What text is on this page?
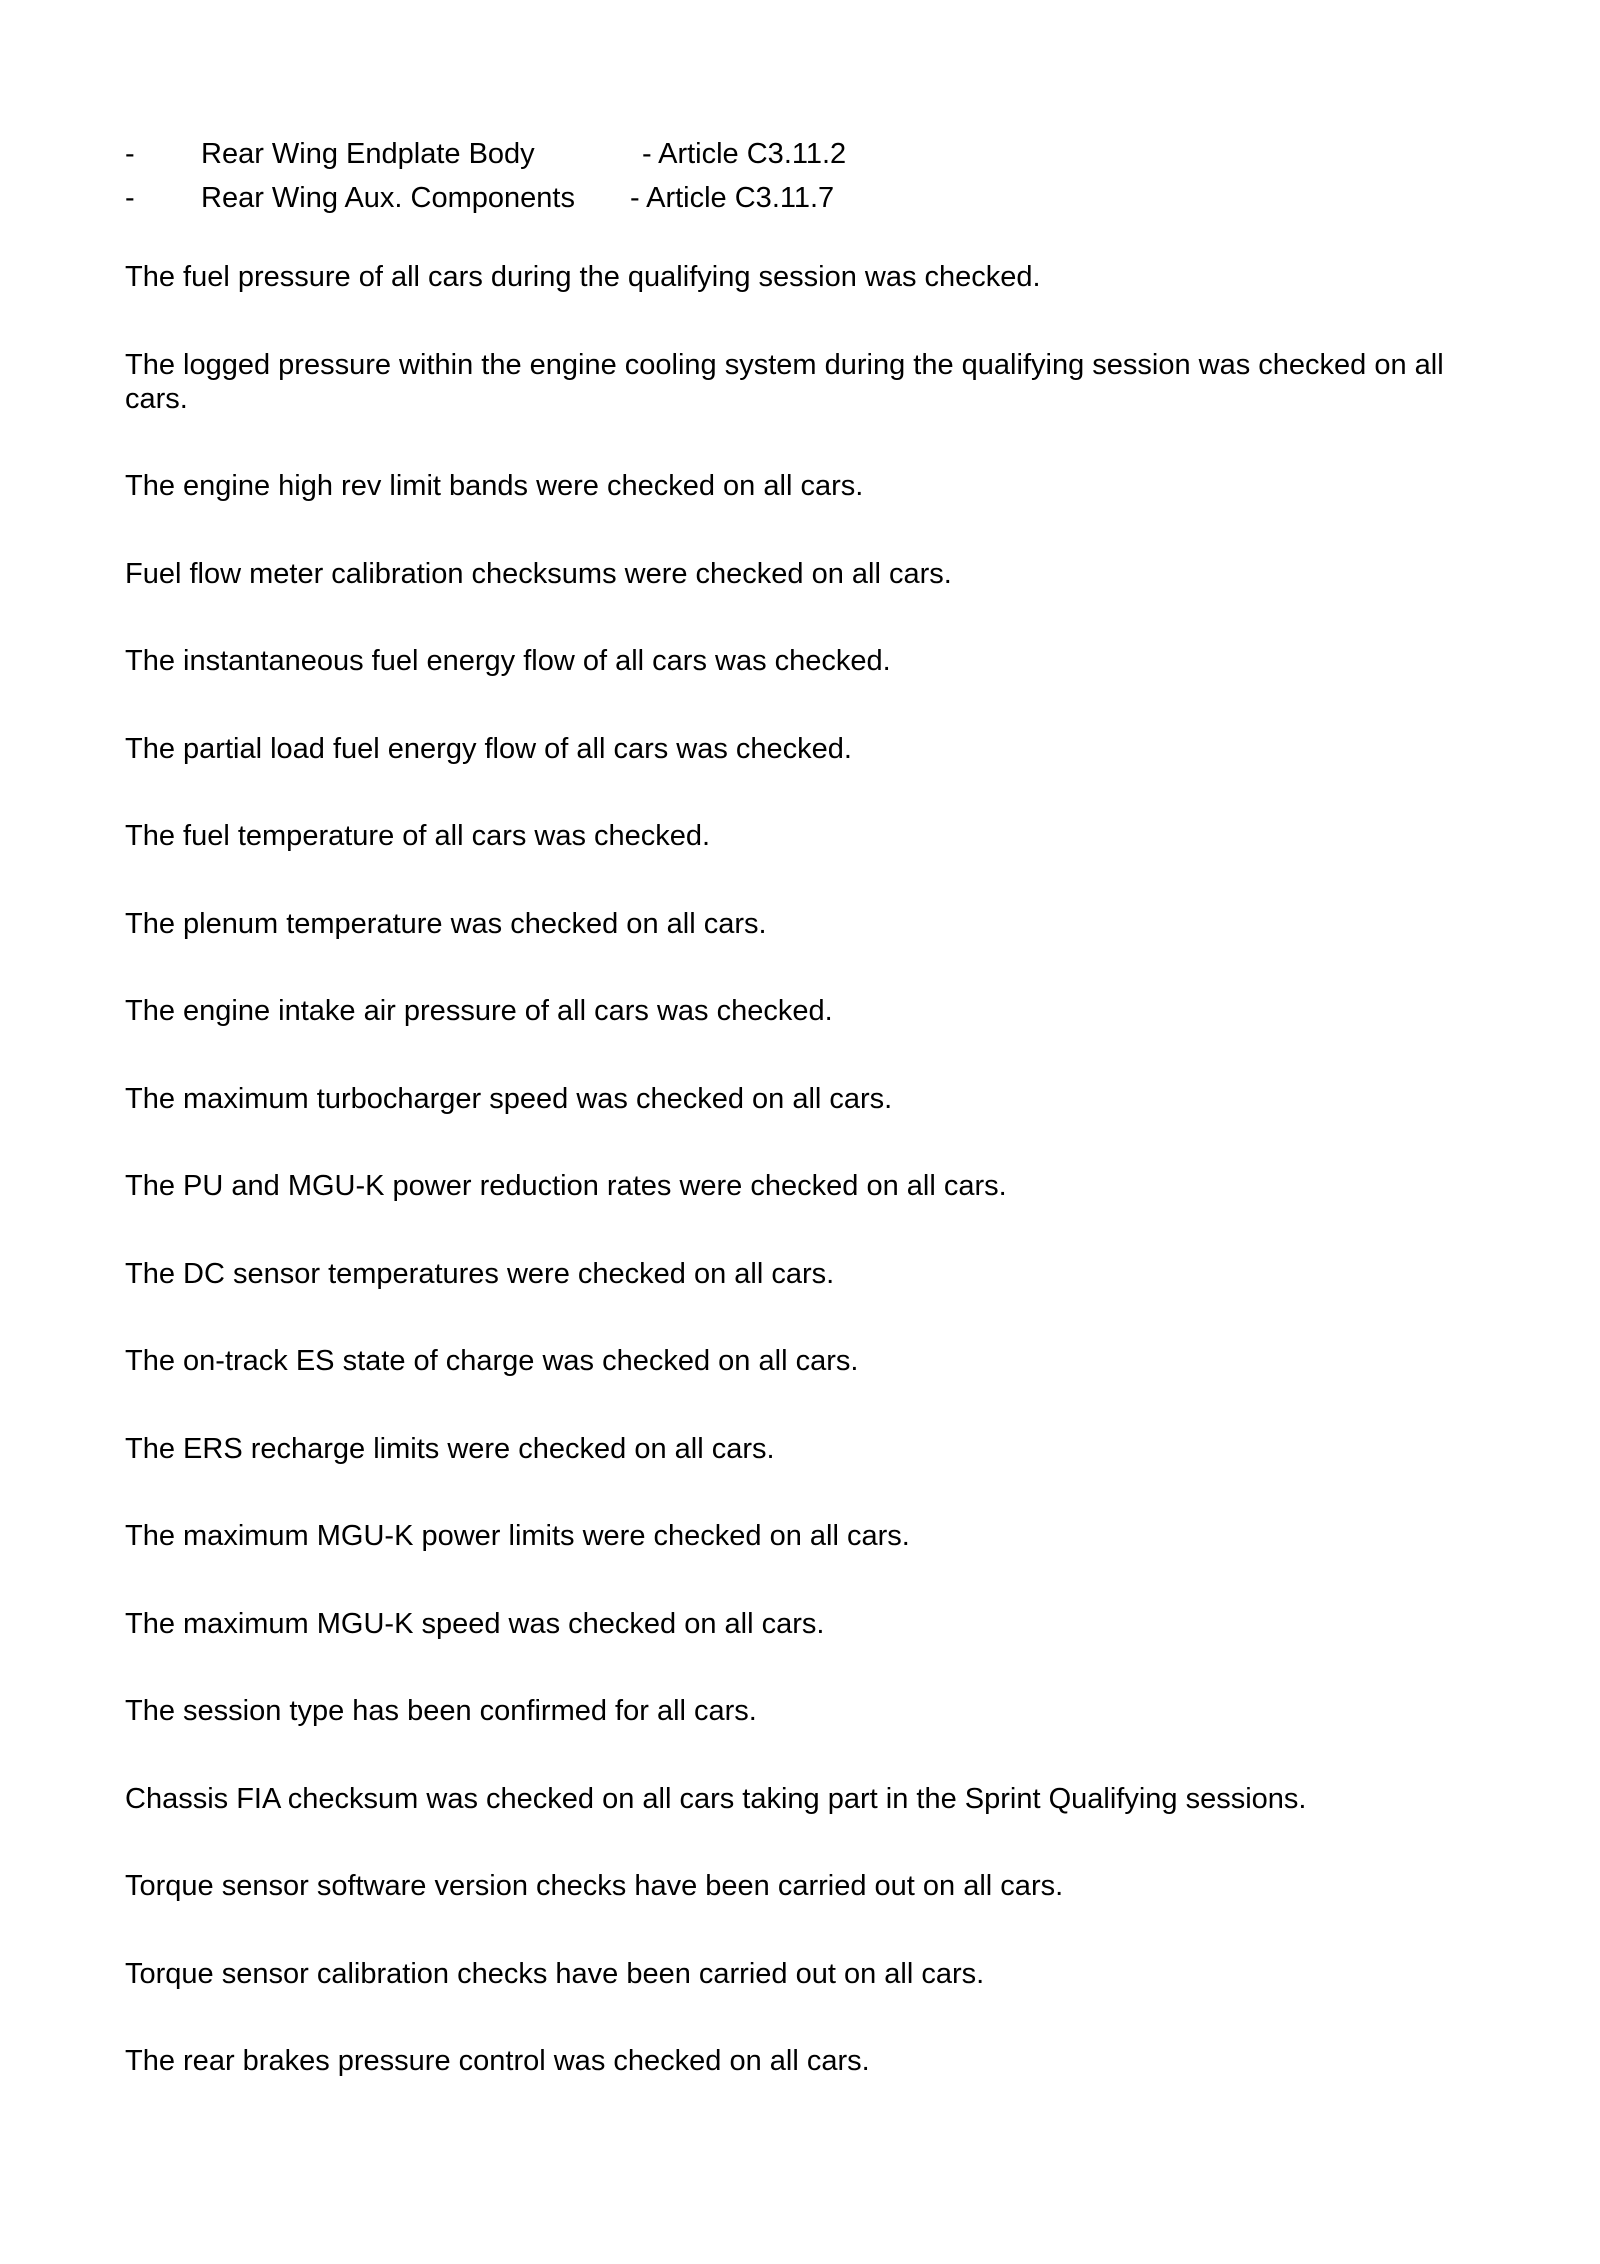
- Rear Wing Endplate Body	- Article C3.11.2
- Rear Wing Aux. Components - Article C3.11.7

The fuel pressure of all cars during the qualifying session was checked.

The logged pressure within the engine cooling system during the qualifying session was checked on all cars.

The engine high rev limit bands were checked on all cars.

Fuel flow meter calibration checksums were checked on all cars.

The instantaneous fuel energy flow of all cars was checked.

The partial load fuel energy flow of all cars was checked.

The fuel temperature of all cars was checked.

The plenum temperature was checked on all cars.

The engine intake air pressure of all cars was checked.

The maximum turbocharger speed was checked on all cars.

The PU and MGU-K power reduction rates were checked on all cars.

The DC sensor temperatures were checked on all cars.

The on-track ES state of charge was checked on all cars.

The ERS recharge limits were checked on all cars.

The maximum MGU-K power limits were checked on all cars.

The maximum MGU-K speed was checked on all cars.

The session type has been confirmed for all cars.

Chassis FIA checksum was checked on all cars taking part in the Sprint Qualifying sessions.

Torque sensor software version checks have been carried out on all cars.

Torque sensor calibration checks have been carried out on all cars.

The rear brakes pressure control was checked on all cars.
